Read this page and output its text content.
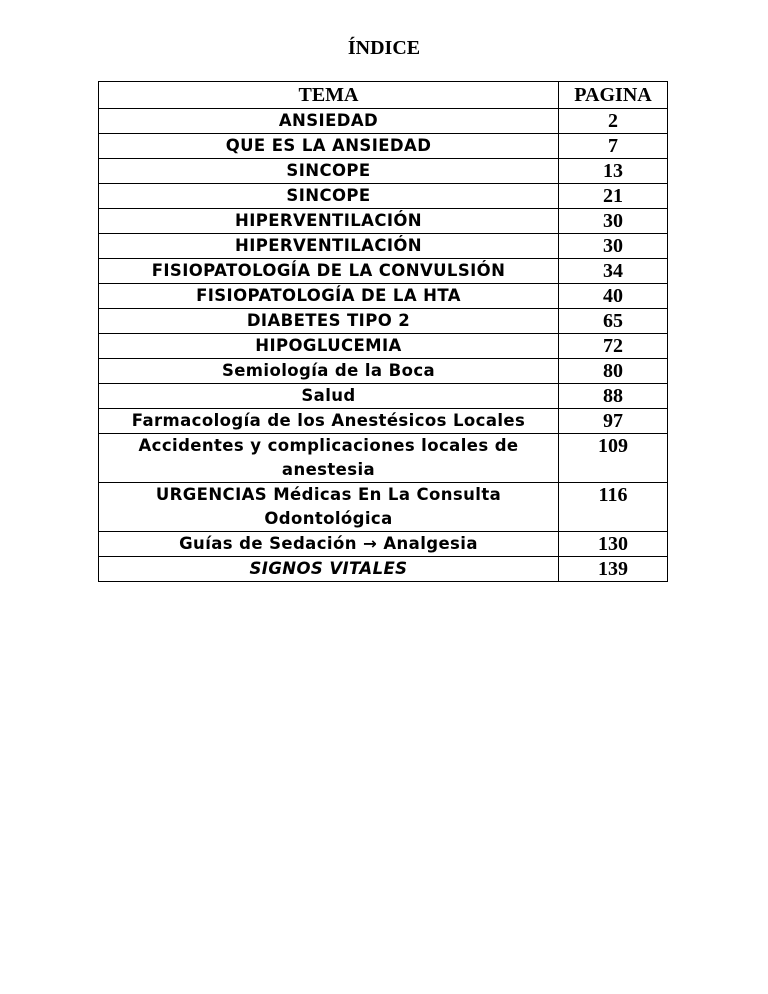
ÍNDICE
TEMA	PAGINA
ANSIEDAD	2
QUE ES LA ANSIEDAD	7
SINCOPE	13
SINCOPE	21
HIPERVENTILACIÓN	30
HIPERVENTILACIÓN	30
FISIOPATOLOGÍA DE LA CONVULSIÓN	34
FISIOPATOLOGÍA DE LA HTA	40
DIABETES TIPO 2	65
HIPOGLUCEMIA	72
Semiología de la Boca	80
Salud	88
Farmacología de los Anestésicos Locales	97
Accidentes y complicaciones locales de anestesia	109
URGENCIAS Médicas En La Consulta Odontológica	116
Guías de Sedación → Analgesia	130
SIGNOS VITALES	139
